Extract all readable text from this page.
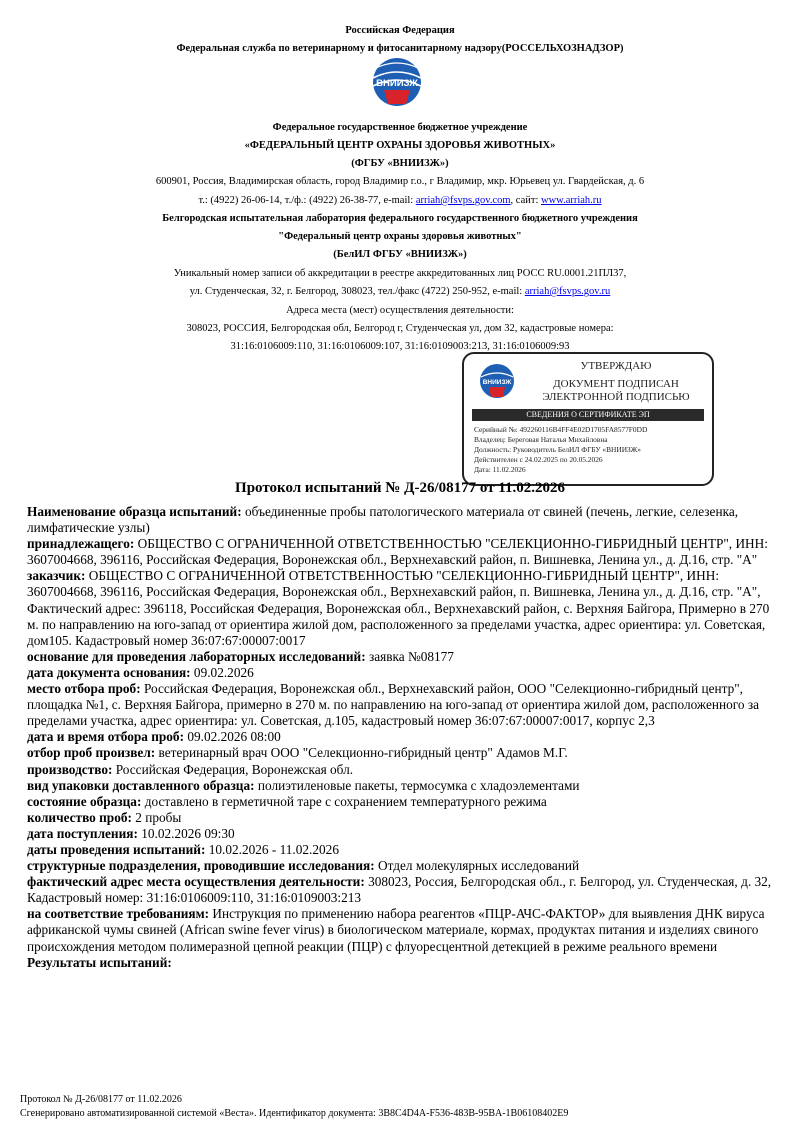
Российская Федерация
Федеральная служба по ветеринарному и фитосанитарному надзору(РОССЕЛЬХОЗНАДЗОР)
ВНИИЗЖ
Федеральное государственное бюджетное учреждение
«ФЕДЕРАЛЬНЫЙ ЦЕНТР ОХРАНЫ ЗДОРОВЬЯ ЖИВОТНЫХ»
(ФГБУ «ВНИИЗЖ»)
600901, Россия, Владимирская область, город Владимир г.о., г Владимир, мкр. Юрьевец ул. Гвардейская, д. 6
т.: (4922) 26-06-14, т./ф.: (4922) 26-38-77, e-mail: arriah@fsvps.gov.com, сайт: www.arriah.ru
Белгородская испытательная лаборатория федерального государственного бюджетного учреждения
"Федеральный центр охраны здоровья животных"
(БелИЛ ФГБУ «ВНИИЗЖ»)
Уникальный номер записи об аккредитации в реестре аккредитованных лиц РОСС RU.0001.21ПЛ37,
ул. Студенческая, 32, г. Белгород, 308023, тел./факс (4722) 250-952, e-mail: arriah@fsvps.gov.ru
Адреса места (мест) осуществления деятельности:
308023, РОССИЯ, Белгородская обл, Белгород г, Студенческая ул, дом 32, кадастровые номера:
31:16:0106009:110, 31:16:0106009:107, 31:16:0109003:213, 31:16:0106009:93
ВНИИЗЖ
УТВЕРЖДАЮ
ДОКУМЕНТ ПОДПИСАН
ЭЛЕКТРОННОЙ ПОДПИСЬЮ
СВЕДЕНИЯ О СЕРТИФИКАТЕ ЭП
Серийный №: 492260116B4FF4E02D1705FA8577F0DD
Владелец: Береговая Наталья Михайловна
Должность: Руководитель БелИЛ ФГБУ «ВНИИЗЖ»
Действителен с 24.02.2025 по 20.05.2026
Дата: 11.02.2026
Протокол испытаний № Д-26/08177 от 11.02.2026

Наименование образца испытаний: объединенные пробы патологического материала от свиней (печень, легкие, селезенка, лимфатические узлы)

принадлежащего: ОБЩЕСТВО С ОГРАНИЧЕННОЙ ОТВЕТСТВЕННОСТЬЮ "СЕЛЕКЦИОННО-ГИБРИДНЫЙ ЦЕНТР", ИНН: 3607004668, 396116, Российская Федерация, Воронежская обл., Верхнехавский район, п. Вишневка, Ленина ул., д. Д.16, стр. "А"

заказчик: ОБЩЕСТВО С ОГРАНИЧЕННОЙ ОТВЕТСТВЕННОСТЬЮ "СЕЛЕКЦИОННО-ГИБРИДНЫЙ ЦЕНТР", ИНН: 3607004668, 396116, Российская Федерация, Воронежская обл., Верхнехавский район, п. Вишневка, Ленина ул., д. Д.16, стр. "А", Фактический адрес: 396118, Российская Федерация, Воронежская обл., Верхнехавский район, с. Верхняя Байгора, Примерно в 270 м. по направлению на юго-запад от ориентира жилой дом, расположенного за пределами участка, адрес ориентира: ул. Советская, дом105. Кадастровый номер 36:07:67:00007:0017

основание для проведения лабораторных исследований: заявка №08177

дата документа основания: 09.02.2026

место отбора проб: Российская Федерация, Воронежская обл., Верхнехавский район, ООО "Селекционно-гибридный центр", площадка №1, с. Верхняя Байгора, примерно в 270 м. по направлению на юго-запад от ориентира жилой дом, расположенного за пределами участка, адрес ориентира: ул. Советская, д.105, кадастровый номер 36:07:67:00007:0017, корпус 2,3

дата и время отбора проб: 09.02.2026 08:00

отбор проб произвел: ветеринарный врач ООО "Селекционно-гибридный центр" Адамов М.Г.

производство: Российская Федерация, Воронежская обл.

вид упаковки доставленного образца: полиэтиленовые пакеты, термосумка с хладоэлементами

состояние образца: доставлено в герметичной таре с сохранением температурного режима

количество проб: 2 пробы

дата поступления: 10.02.2026 09:30

даты проведения испытаний: 10.02.2026 - 11.02.2026

структурные подразделения, проводившие исследования: Отдел молекулярных исследований

фактический адрес места осуществления деятельности: 308023, Россия, Белгородская обл., г. Белгород, ул. Студенческая, д. 32, Кадастровый номер: 31:16:0106009:110, 31:16:0109003:213

на соответствие требованиям: Инструкция по применению набора реагентов «ПЦР-АЧС-ФАКТОР» для выявления ДНК вируса африканской чумы свиней (African swine fever virus) в биологическом материале, кормах, продуктах питания и изделиях свиного происхождения методом полимеразной цепной реакции (ПЦР) с флуоресцентной детекцией в режиме реального времени

Результаты испытаний:

Протокол № Д-26/08177 от 11.02.2026
Сгенерировано автоматизированной системой «Веста». Идентификатор документа: 3B8C4D4A-F536-483B-95BA-1B06108402E9
